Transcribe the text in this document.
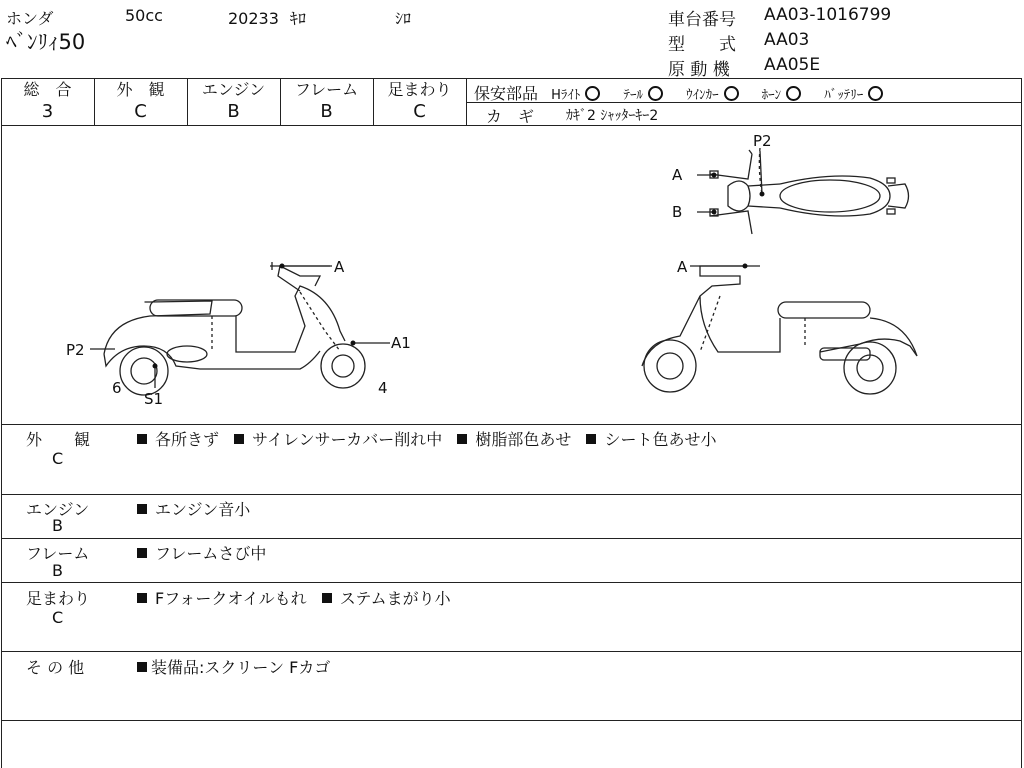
ホンダ	50cc	20233 ｷﾛ	ｼﾛ
ﾍﾞﾝﾘｨ50
車台番号 AA03-1016799
型　　式 AA03
原 動 機 AA05E
総　合
3
外　観
C
エンジン
B
フレーム
B
足まわり
C
保安部品 Hﾗｲﾄ	ﾃｰﾙ	ｳｲﾝｶｰ	ﾎｰﾝ	ﾊﾞｯﾃﾘｰ
カ　ギ ｶｷﾞ2 ｼｬｯﾀｰｷｰ2
P2
A
B
A
A1
P2
6
S1
4
A
外　　観
C
各所きず サイレンサーカバー削れ中 樹脂部色あせ シート色あせ小
エンジン
B
エンジン音小
フレーム
B
フレームさび中
足まわり
C
Fフォークオイルもれ ステムまがり小
そ の 他	装備品:スクリーン Fカゴ
